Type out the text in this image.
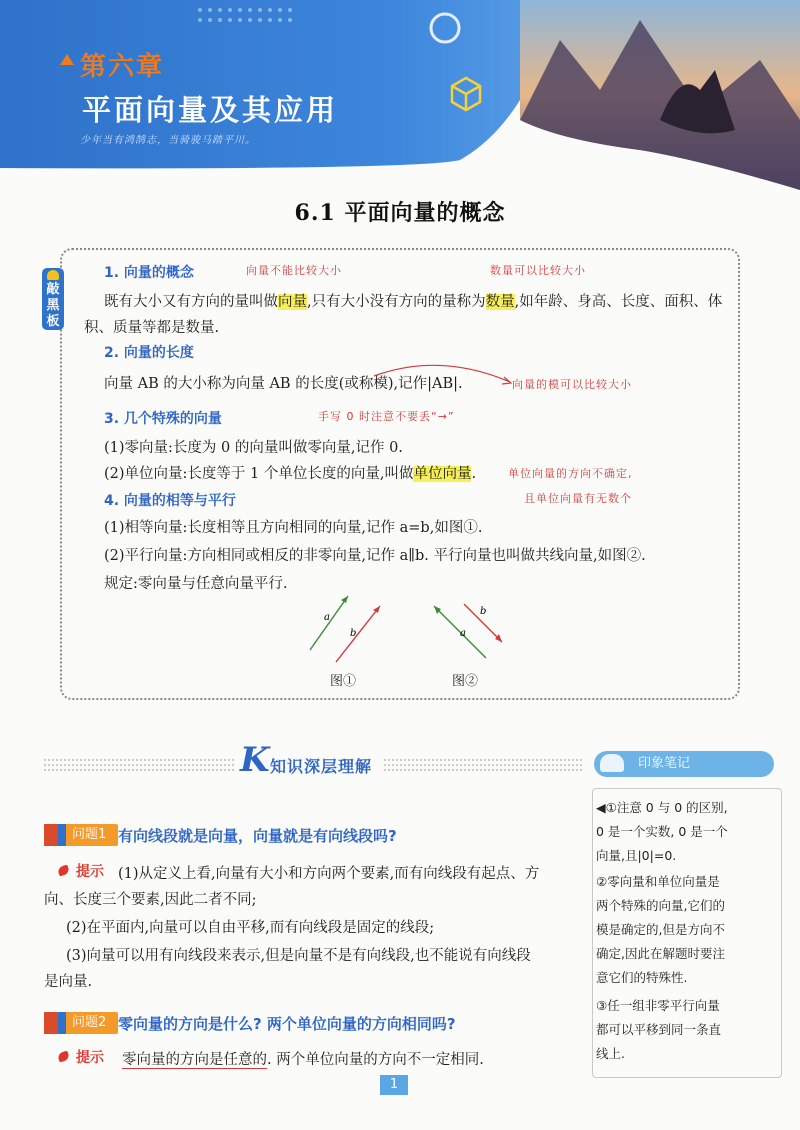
第六章
平面向量及其应用
少年当有鸿鹄志，当骑骏马踏平川。
6.1 平面向量的概念
敲黑板
1. 向量的概念	向量不能比较大小	数量可以比较大小
既有大小又有方向的量叫做向量,只有大小没有方向的量称为数量,如年龄、身高、长度、面积、体
积、质量等都是数量.
2. 向量的长度
向量 AB 的大小称为向量 AB 的长度(或称模),记作|AB|.	向量的模可以比较大小
3. 几个特殊的向量	手写 0 时注意不要丢“→”
(1)零向量:长度为 0 的向量叫做零向量,记作 0.
(2)单位向量:长度等于 1 个单位长度的向量,叫做单位向量.	单位向量的方向不确定,
且单位向量有无数个
4. 向量的相等与平行
(1)相等向量:长度相等且方向相同的向量,记作 a=b,如图①.
(2)平行向量:方向相同或相反的非零向量,记作 a∥b. 平行向量也叫做共线向量,如图②.
规定:零向量与任意向量平行.
a
b	a
b
图①	图②
K 知识深层理解	印象笔记
◀①注意 0 与 0 的区别,
0 是一个实数, 0 是一个
向量,且|0|=0.
②零向量和单位向量是
两个特殊的向量,它们的
模是确定的,但是方向不
确定,因此在解题时要注
意它们的特殊性.
③任一组非零平行向量
都可以平移到同一条直
线上.
问题1 有向线段就是向量，向量就是有向线段吗?
提示 (1)从定义上看,向量有大小和方向两个要素,而有向线段有起点、方
向、长度三个要素,因此二者不同;
(2)在平面内,向量可以自由平移,而有向线段是固定的线段;
(3)向量可以用有向线段来表示,但是向量不是有向线段,也不能说有向线段
是向量.
问题2 零向量的方向是什么? 两个单位向量的方向相同吗?
提示 零向量的方向是任意的. 两个单位向量的方向不一定相同.
1
